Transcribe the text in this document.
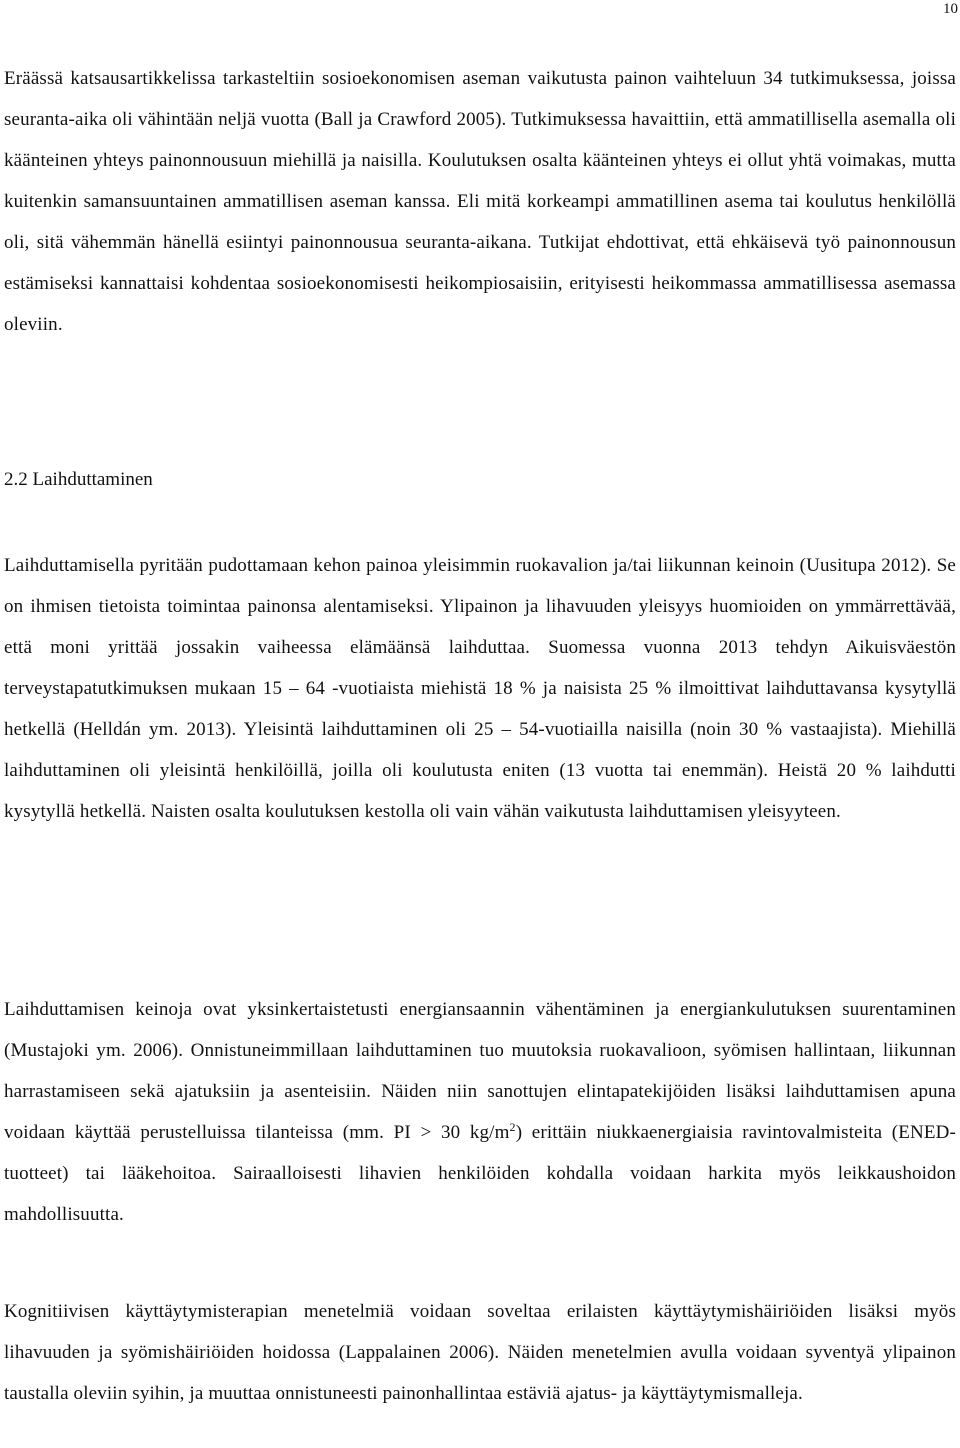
10

Eräässä katsausartikkelissa tarkasteltiin sosioekonomisen aseman vaikutusta painon vaihteluun 34 tutkimuksessa, joissa seuranta-aika oli vähintään neljä vuotta (Ball ja Crawford 2005). Tutkimuksessa havaittiin, että ammatillisella asemalla oli käänteinen yhteys painonnousuun miehillä ja naisilla. Koulutuksen osalta käänteinen yhteys ei ollut yhtä voimakas, mutta kuitenkin samansuuntainen ammatillisen aseman kanssa. Eli mitä korkeampi ammatillinen asema tai koulutus henkilöllä oli, sitä vähemmän hänellä esiintyi painonnousua seuranta-aikana. Tutkijat ehdottivat, että ehkäisevä työ painonnousun estämiseksi kannattaisi kohdentaa sosioekonomisesti heikompiosaisiin, erityisesti heikommassa ammatillisessa asemassa oleviin.

2.2 Laihduttaminen

Laihduttamisella pyritään pudottamaan kehon painoa yleisimmin ruokavalion ja/tai liikunnan keinoin (Uusitupa 2012). Se on ihmisen tietoista toimintaa painonsa alentamiseksi. Ylipainon ja lihavuuden yleisyys huomioiden on ymmärrettävää, että moni yrittää jossakin vaiheessa elämäänsä laihduttaa. Suomessa vuonna 2013 tehdyn Aikuisväestön terveystapatutkimuksen mukaan 15 – 64 -vuotiaista miehistä 18 % ja naisista 25 % ilmoittivat laihduttavansa kysytyllä hetkellä (Helldán ym. 2013). Yleisintä laihduttaminen oli 25 – 54-vuotiailla naisilla (noin 30 % vastaajista). Miehillä laihduttaminen oli yleisintä henkilöillä, joilla oli koulutusta eniten (13 vuotta tai enemmän). Heistä 20 % laihdutti kysytyllä hetkellä. Naisten osalta koulutuksen kestolla oli vain vähän vaikutusta laihduttamisen yleisyyteen.

Laihduttamisen keinoja ovat yksinkertaistetusti energiansaannin vähentäminen ja energiankulutuksen suurentaminen (Mustajoki ym. 2006). Onnistuneimmillaan laihduttaminen tuo muutoksia ruokavalioon, syömisen hallintaan, liikunnan harrastamiseen sekä ajatuksiin ja asenteisiin. Näiden niin sanottujen elintapatekijöiden lisäksi laihduttamisen apuna voidaan käyttää perustelluissa tilanteissa (mm. PI > 30 $kg/m^2$) erittäin niukkaenergiaisia ravintovalmisteita (ENED-tuotteet) tai lääkehoitoa. Sairaalloisesti lihavien henkilöiden kohdalla voidaan harkita myös leikkaushoidon mahdollisuutta.

Kognitiivisen käyttäytymisterapian menetelmiä voidaan soveltaa erilaisten käyttäytymishäiriöiden lisäksi myös lihavuuden ja syömishäiriöiden hoidossa (Lappalainen 2006). Näiden menetelmien avulla voidaan syventyä ylipainon taustalla oleviin syihin, ja muuttaa onnistuneesti painonhallintaa estäviä ajatus- ja käyttäytymismalleja.
